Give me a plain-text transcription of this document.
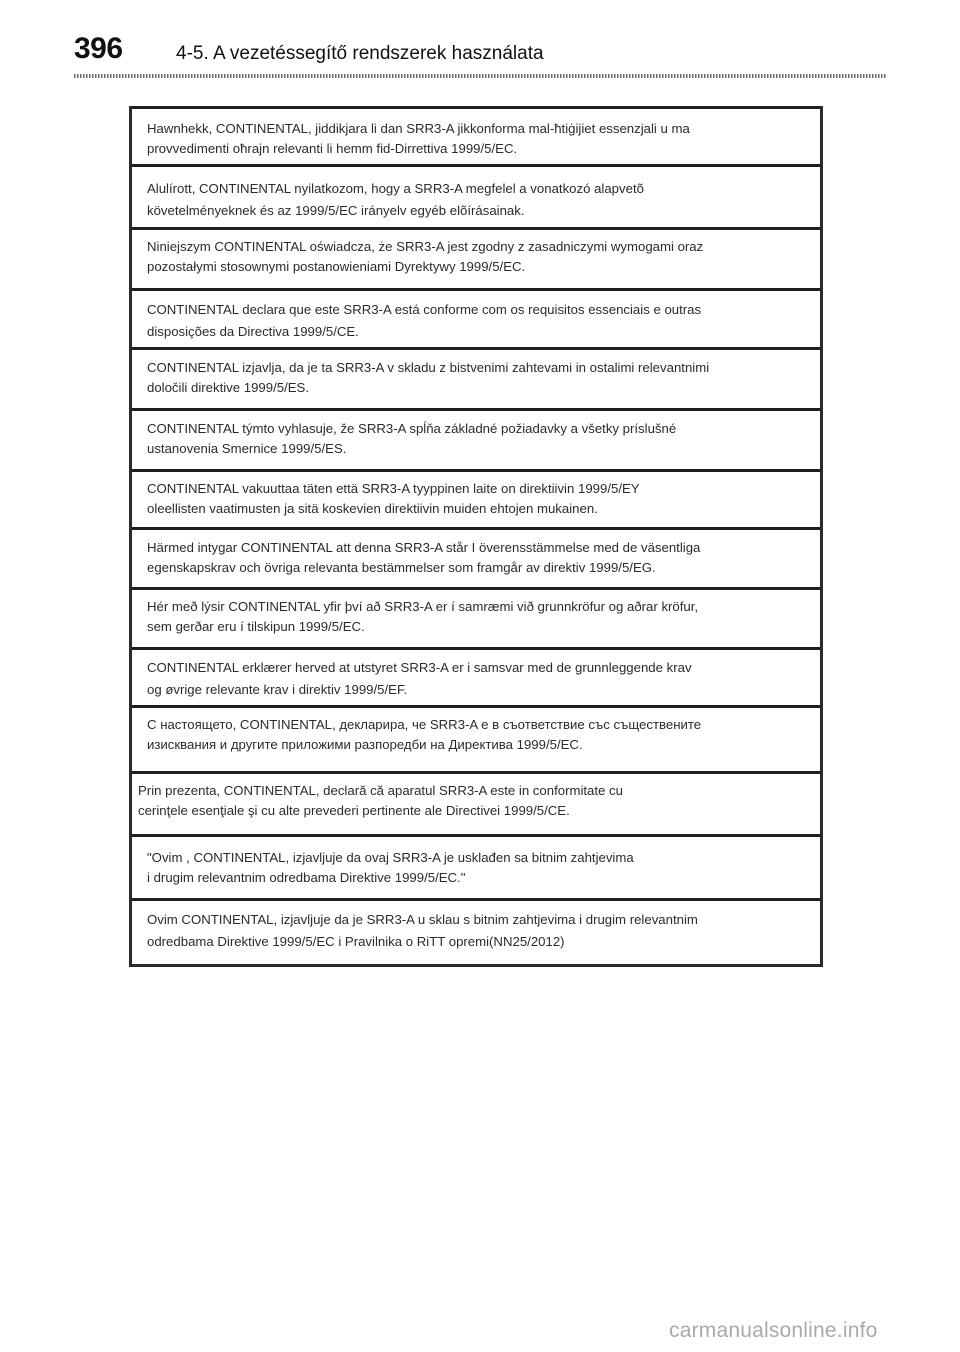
396	4-5. A vezetéssegítő rendszerek használata
Hawnhekk, CONTINENTAL, jiddikjara li dan SRR3-A jikkonforma mal-ħtiġijiet essenzjali u ma
provvedimenti oħrajn relevanti li hemm fid-Dirrettiva 1999/5/EC.
Alulírott, CONTINENTAL nyilatkozom, hogy a SRR3-A megfelel a vonatkozó alapvetõ
követelményeknek és az 1999/5/EC irányelv egyéb elõírásainak.
Niniejszym CONTINENTAL oświadcza, że SRR3-A jest zgodny z zasadniczymi wymogami oraz
pozostałymi stosownymi postanowieniami Dyrektywy 1999/5/EC.
CONTINENTAL declara que este SRR3-A está conforme com os requisitos essenciais e outras
disposições da Directiva 1999/5/CE.
CONTINENTAL izjavlja, da je ta SRR3-A v skladu z bistvenimi zahtevami in ostalimi relevantnimi
določili direktive 1999/5/ES.
CONTINENTAL týmto vyhlasuje, že SRR3-A spĺňa základné požiadavky a všetky príslušné
ustanovenia Smernice 1999/5/ES.
CONTINENTAL vakuuttaa täten että SRR3-A tyyppinen laite on direktiivin 1999/5/EY
oleellisten vaatimusten ja sitä koskevien direktiivin muiden ehtojen mukainen.
Härmed intygar CONTINENTAL att denna SRR3-A står I överensstämmelse med de väsentliga
egenskapskrav och övriga relevanta bestämmelser som framgår av direktiv 1999/5/EG.
Hér með lýsir CONTINENTAL yfir því að SRR3-A er í samræmi við grunnkröfur og aðrar kröfur,
sem gerðar eru í tilskipun 1999/5/EC.
CONTINENTAL erklærer herved at utstyret SRR3-A er i samsvar med de grunnleggende krav
og øvrige relevante krav i direktiv 1999/5/EF.
С настоящето, CONTINENTAL, декларира, че SRR3-A е в съответствие със съществените
изисквания и другите приложими разпоредби на Директива 1999/5/EC.
Prin prezenta, CONTINENTAL, declară că aparatul SRR3-A este in conformitate cu
cerinţele esenţiale şi cu alte prevederi pertinente ale Directivei 1999/5/CE.
"Ovim , CONTINENTAL, izjavljuje da ovaj SRR3-A je usklađen sa bitnim zahtjevima
i drugim relevantnim odredbama Direktive 1999/5/EC."
Ovim CONTINENTAL, izjavljuje da je SRR3-A u sklau s bitnim zahtjevima i drugim relevantnim
odredbama Direktive 1999/5/EC i Pravilnika o RiTT opremi(NN25/2012)
carmanualsonline.info
